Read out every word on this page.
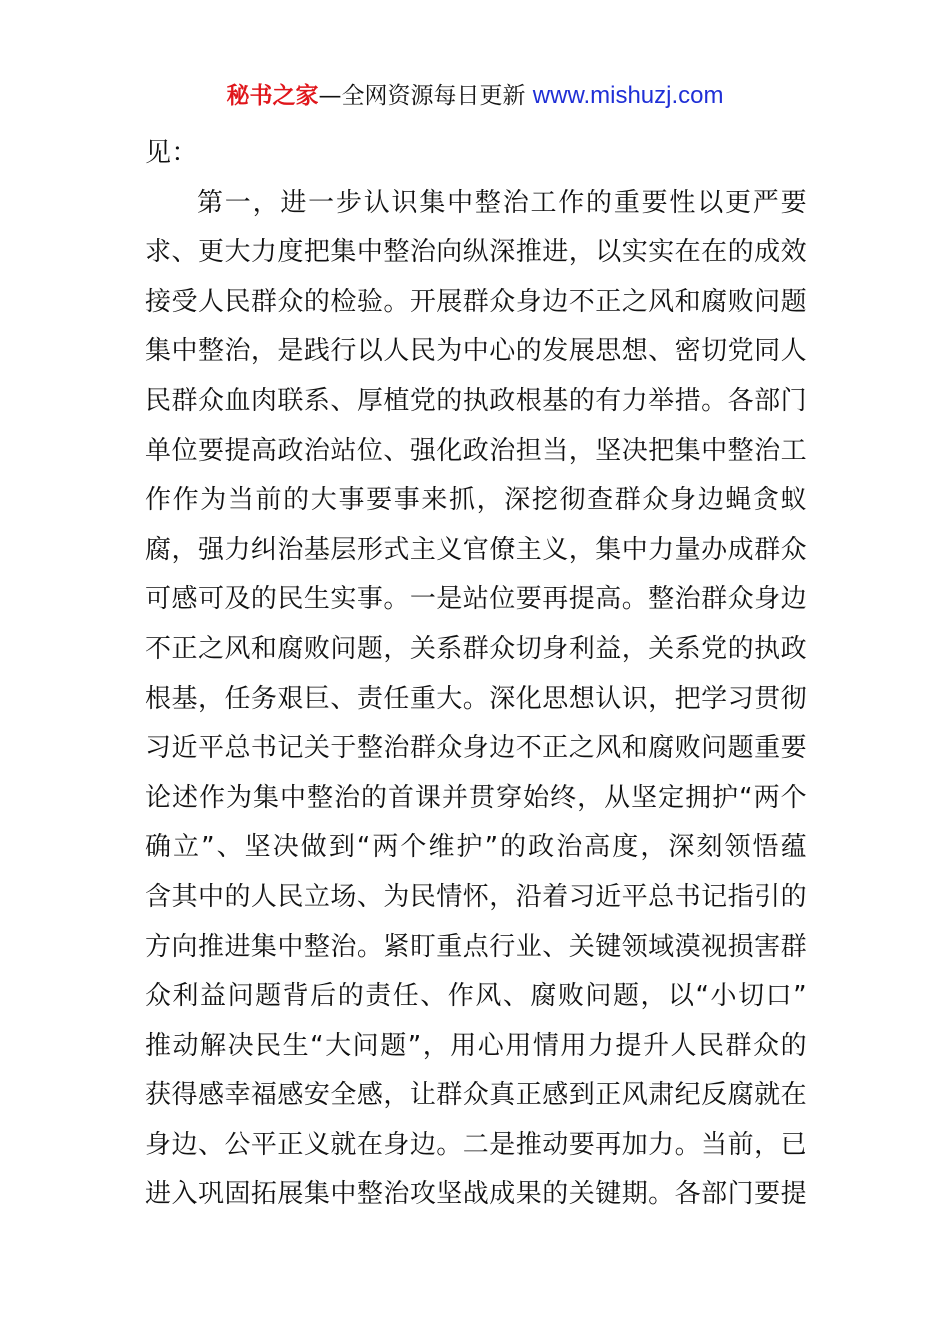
秘书之家—全网资源每日更新 www.mishuzj.com
见：
第一，进一步认识集中整治工作的重要性以更严要
求、更大力度把集中整治向纵深推进，以实实在在的成效
接受人民群众的检验。开展群众身边不正之风和腐败问题
集中整治，是践行以人民为中心的发展思想、密切党同人
民群众血肉联系、厚植党的执政根基的有力举措。各部门
单位要提高政治站位、强化政治担当，坚决把集中整治工
作作为当前的大事要事来抓，深挖彻查群众身边蝇贪蚁
腐，强力纠治基层形式主义官僚主义，集中力量办成群众
可感可及的民生实事。一是站位要再提高。整治群众身边
不正之风和腐败问题，关系群众切身利益，关系党的执政
根基，任务艰巨、责任重大。深化思想认识，把学习贯彻
习近平总书记关于整治群众身边不正之风和腐败问题重要
论述作为集中整治的首课并贯穿始终，从坚定拥护“两个
确立”、坚决做到“两个维护”的政治高度，深刻领悟蕴
含其中的人民立场、为民情怀，沿着习近平总书记指引的
方向推进集中整治。紧盯重点行业、关键领域漠视损害群
众利益问题背后的责任、作风、腐败问题，以“小切口”
推动解决民生“大问题”，用心用情用力提升人民群众的
获得感幸福感安全感，让群众真正感到正风肃纪反腐就在
身边、公平正义就在身边。二是推动要再加力。当前，已
进入巩固拓展集中整治攻坚战成果的关键期。各部门要提
